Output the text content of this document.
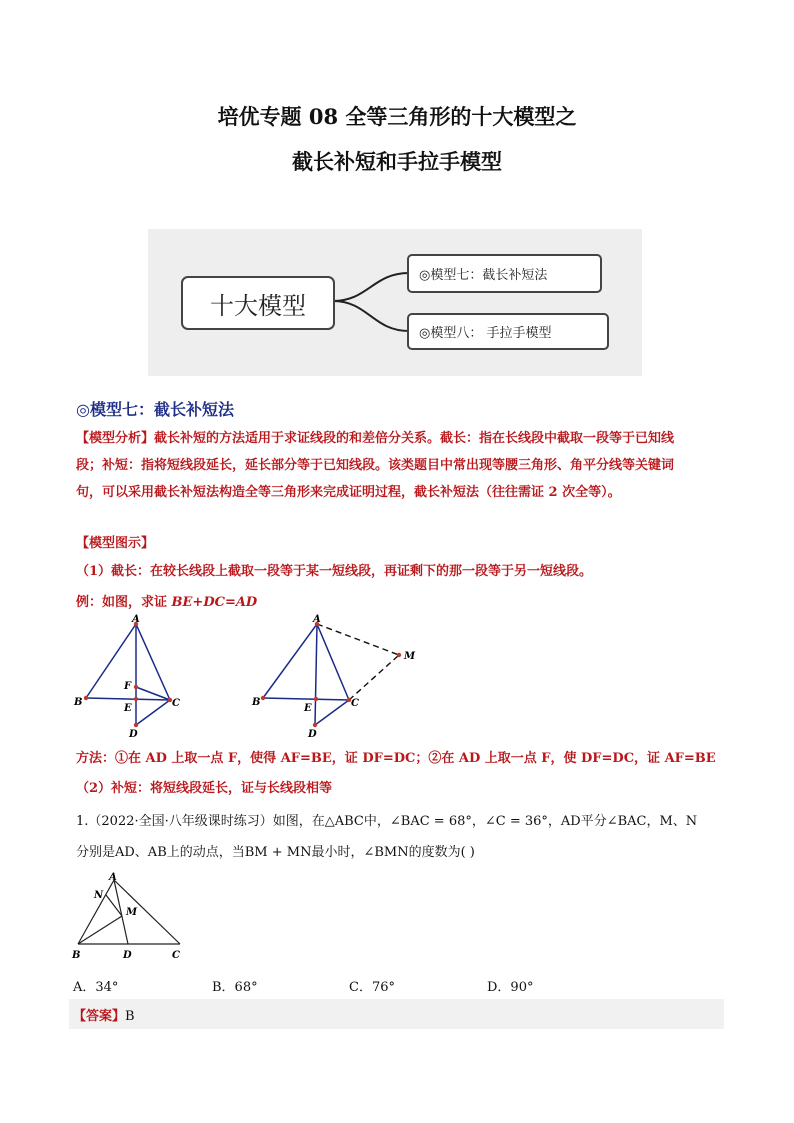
培优专题 08 全等三角形的十大模型之
截长补短和手拉手模型
十大模型
◎模型七：截长补短法
◎模型八： 手拉手模型
◎模型七：截长补短法
【模型分析】截长补短的方法适用于求证线段的和差倍分关系。截长：指在长线段中截取一段等于已知线
段；补短：指将短线段延长，延长部分等于已知线段。该类题目中常出现等腰三角形、角平分线等关键词
句，可以采用截长补短法构造全等三角形来完成证明过程，截长补短法（往往需证 2 次全等）。
【模型图示】
（1）截长：在较长线段上截取一段等于某一短线段，再证剩下的那一段等于另一短线段。
例：如图，求证 BE+DC=AD
A
B	C
D
E
F
A
B	C
D
E
M
方法：①在 AD 上取一点 F，使得 AF=BE，证 DF=DC；②在 AD 上取一点 F，使 DF=DC，证 AF=BE
（2）补短：将短线段延长，证与长线段相等
1.（2022·全国·八年级课时练习）如图，在△ABC中，∠BAC = 68°，∠C = 36°，AD平分∠BAC，M、N
分别是AD、AB上的动点，当BM + MN最小时，∠BMN的度数为( )
A
B	C
D
M
N
A．34°	B．68°	C．76°	D．90°
【答案】B
